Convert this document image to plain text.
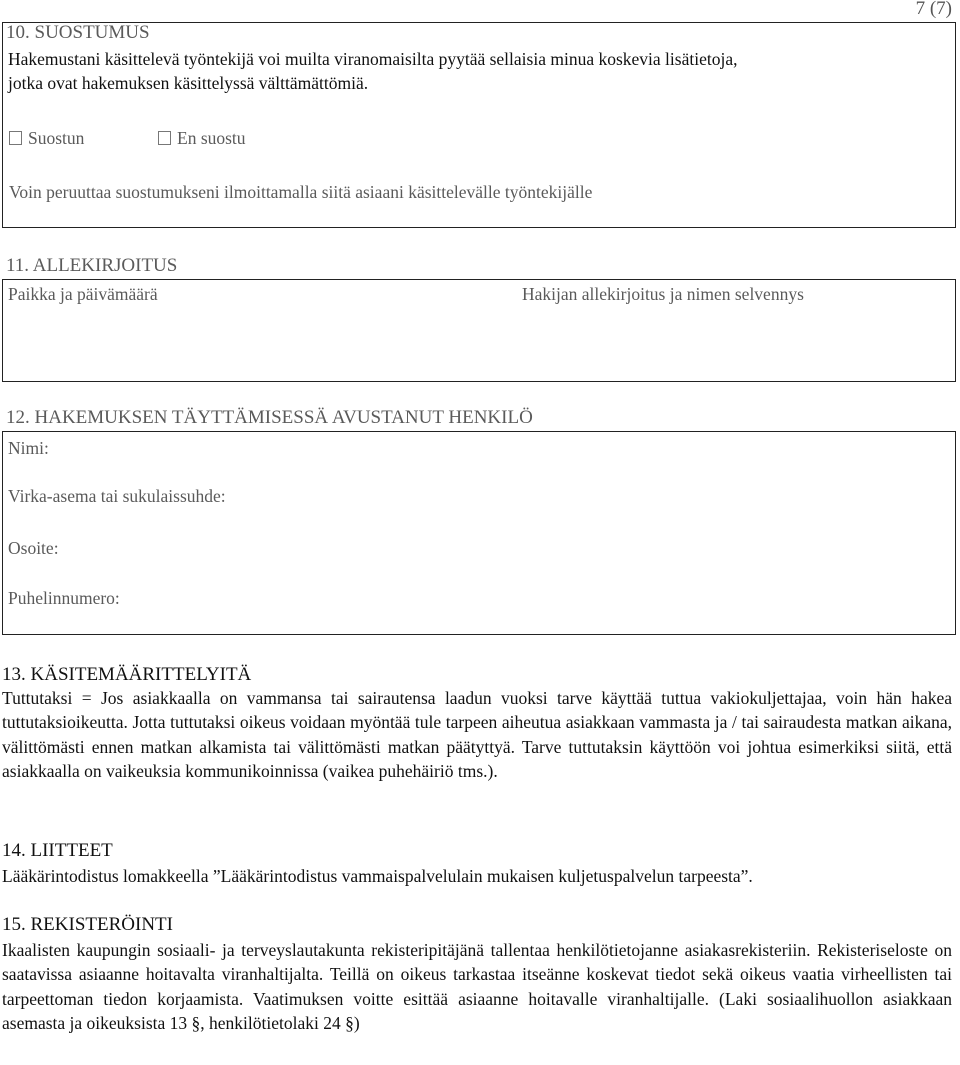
7 (7)
10. SUOSTUMUS
Hakemustani käsittelevä työntekijä voi muilta viranomaisilta pyytää sellaisia minua koskevia lisätietoja,
jotka ovat hakemuksen käsittelyssä välttämättömiä.
Suostun	En suostu
Voin peruuttaa suostumukseni ilmoittamalla siitä asiaani käsittelevälle työntekijälle
11. ALLEKIRJOITUS
Paikka ja päivämäärä	Hakijan allekirjoitus ja nimen selvennys
12. HAKEMUKSEN TÄYTTÄMISESSÄ AVUSTANUT HENKILÖ
Nimi:
Virka-asema tai sukulaissuhde:
Osoite:
Puhelinnumero:
13. KÄSITEMÄÄRITTELYITÄ

Tuttutaksi = Jos asiakkaalla on vammansa tai sairautensa laadun vuoksi tarve käyttää tuttua vakiokuljettajaa, voin hän hakea tuttutaksioikeutta. Jotta tuttutaksi oikeus voidaan myöntää tule tarpeen aiheutua asiakkaan vammasta ja / tai sairaudesta matkan aikana, välittömästi ennen matkan alkamista tai välittömästi matkan päätyttyä. Tarve tuttutaksin käyttöön voi johtua esimerkiksi siitä, että asiakkaalla on vaikeuksia kommunikoinnissa (vaikea puhehäiriö tms.).

14. LIITTEET
Lääkärintodistus lomakkeella ”Lääkärintodistus vammaispalvelulain mukaisen kuljetuspalvelun tarpeesta”.
15. REKISTERÖINTI

Ikaalisten kaupungin sosiaali- ja terveyslautakunta rekisteripitäjänä tallentaa henkilötietojanne asiakasrekisteriin. Rekisteriseloste on saatavissa asiaanne hoitavalta viranhaltijalta. Teillä on oikeus tarkastaa itseänne koskevat tiedot sekä oikeus vaatia virheellisten tai tarpeettoman tiedon korjaamista. Vaatimuksen voitte esittää asiaanne hoitavalle viranhaltijalle. (Laki sosiaalihuollon asiakkaan asemasta ja oikeuksista 13 §, henkilötietolaki 24 §)
